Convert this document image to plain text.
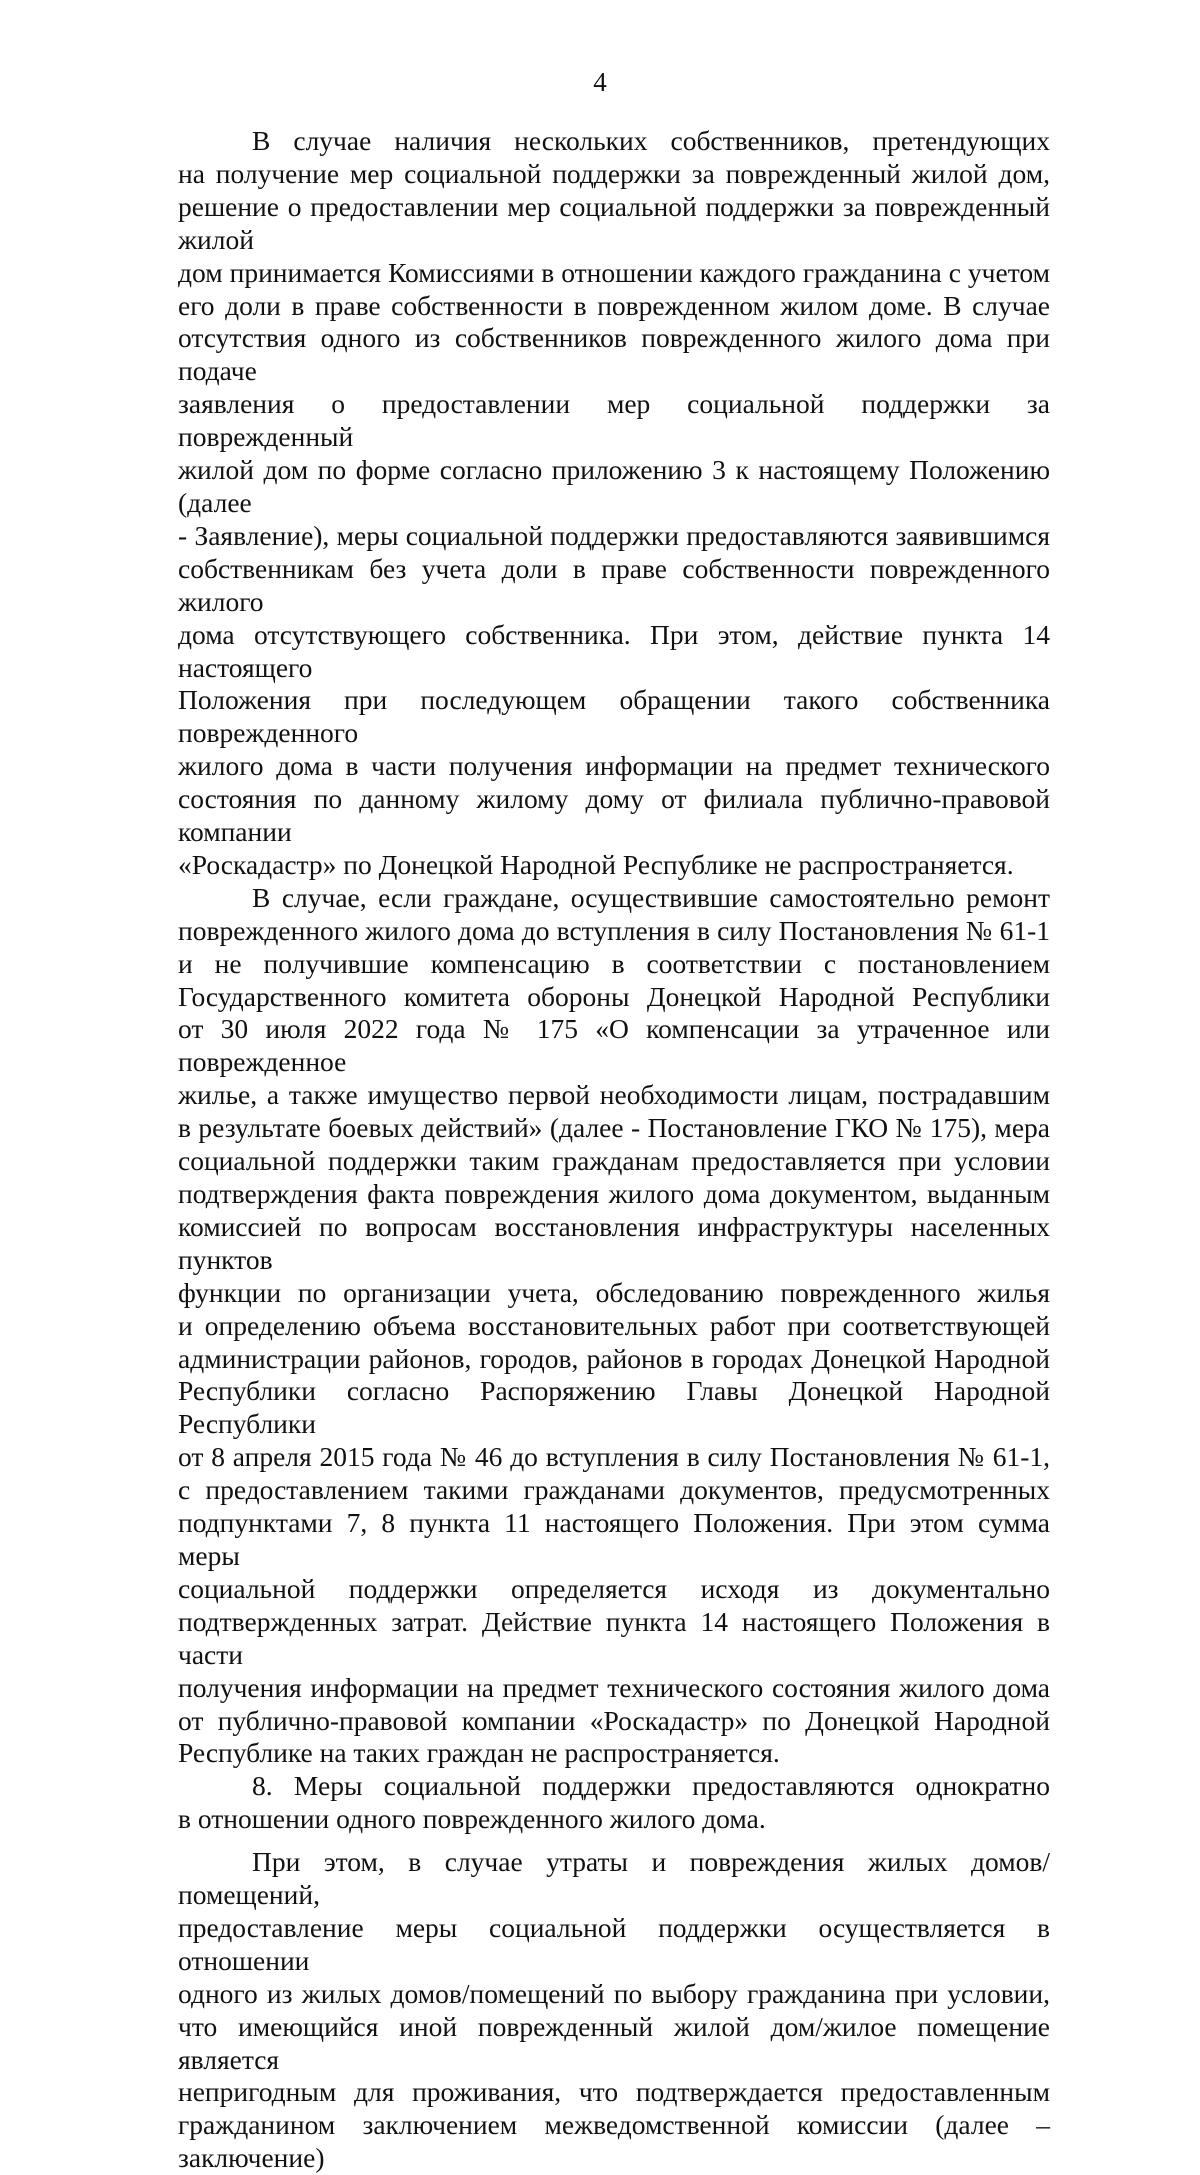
4
В случае наличия нескольких собственников, претендующих
на получение мер социальной поддержки за поврежденный жилой дом,
решение о предоставлении мер социальной поддержки за поврежденный жилой
дом принимается Комиссиями в отношении каждого гражданина с учетом
его доли в праве собственности в поврежденном жилом доме. В случае
отсутствия одного из собственников поврежденного жилого дома при подаче
заявления о предоставлении мер социальной поддержки за поврежденный
жилой дом по форме согласно приложению 3 к настоящему Положению (далее
- Заявление), меры социальной поддержки предоставляются заявившимся
собственникам без учета доли в праве собственности поврежденного жилого
дома отсутствующего собственника. При этом, действие пункта 14 настоящего
Положения при последующем обращении такого собственника поврежденного
жилого дома в части получения информации на предмет технического
состояния по данному жилому дому от филиала публично-правовой компании
«Роскадастр» по Донецкой Народной Республике не распространяется.
В случае, если граждане, осуществившие самостоятельно ремонт
поврежденного жилого дома до вступления в силу Постановления № 61-1
и не получившие компенсацию в соответствии с постановлением
Государственного комитета обороны Донецкой Народной Республики
от 30 июля 2022 года № 175 «О компенсации за утраченное или поврежденное
жилье, а также имущество первой необходимости лицам, пострадавшим
в результате боевых действий» (далее - Постановление ГКО № 175), мера
социальной поддержки таким гражданам предоставляется при условии
подтверждения факта повреждения жилого дома документом, выданным
комиссией по вопросам восстановления инфраструктуры населенных пунктов
функции по организации учета, обследованию поврежденного жилья
и определению объема восстановительных работ при соответствующей
администрации районов, городов, районов в городах Донецкой Народной
Республики согласно Распоряжению Главы Донецкой Народной Республики
от 8 апреля 2015 года № 46 до вступления в силу Постановления № 61-1,
с предоставлением такими гражданами документов, предусмотренных
подпунктами 7, 8 пункта 11 настоящего Положения. При этом сумма меры
социальной поддержки определяется исходя из документально
подтвержденных затрат. Действие пункта 14 настоящего Положения в части
получения информации на предмет технического состояния жилого дома
от публично-правовой компании «Роскадастр» по Донецкой Народной
Республике на таких граждан не распространяется.
8. Меры социальной поддержки предоставляются однократно
в отношении одного поврежденного жилого дома.
При этом, в случае утраты и повреждения жилых домов/помещений,
предоставление меры социальной поддержки осуществляется в отношении
одного из жилых домов/помещений по выбору гражданина при условии,
что имеющийся иной поврежденный жилой дом/жилое помещение является
непригодным для проживания, что подтверждается предоставленным
гражданином заключением межведомственной комиссии (далее – заключение)
